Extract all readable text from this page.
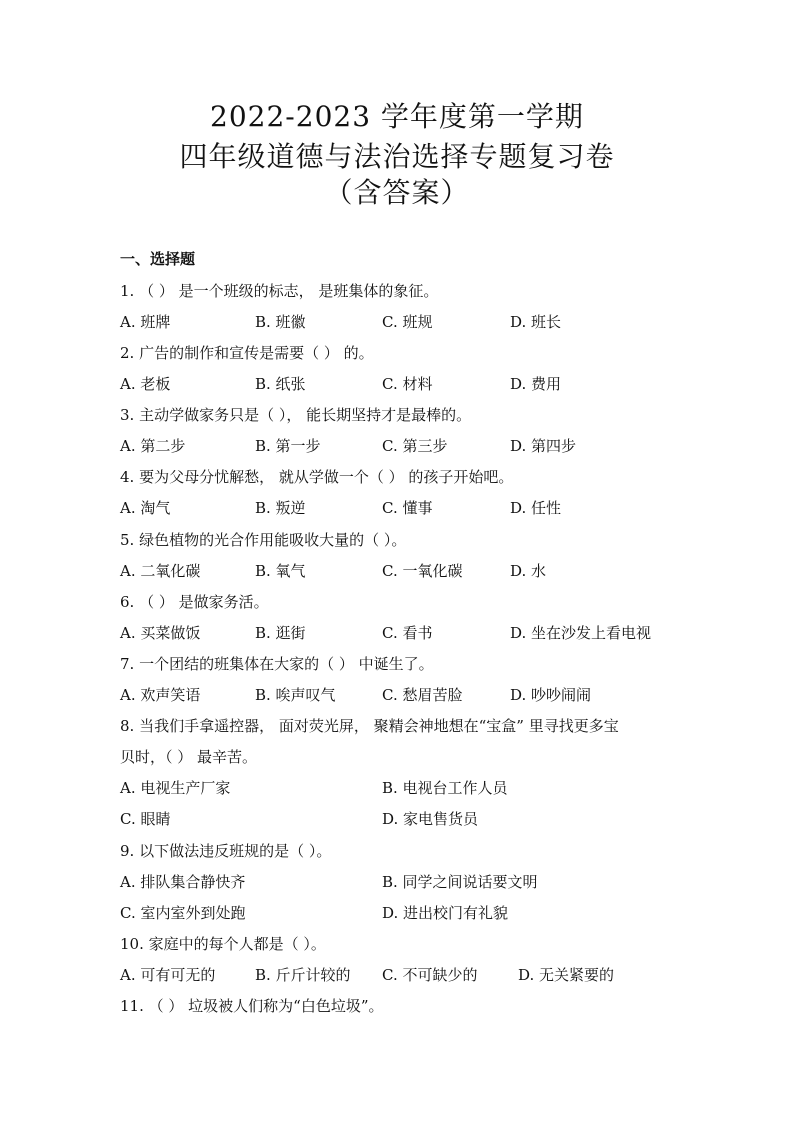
2022-2023 学年度第一学期
四年级道德与法治选择专题复习卷
（含答案）
一、选择题
1. （ ） 是一个班级的标志， 是班集体的象征。
A. 班牌	B. 班徽	C. 班规	D. 班长
2. 广告的制作和宣传是需要（ ） 的。
A. 老板	B. 纸张	C. 材料	D. 费用
3. 主动学做家务只是（ ）， 能长期坚持才是最棒的。
A. 第二步	B. 第一步	C. 第三步	D. 第四步
4. 要为父母分忧解愁， 就从学做一个（ ） 的孩子开始吧。
A. 淘气	B. 叛逆	C. 懂事	D. 任性
5. 绿色植物的光合作用能吸收大量的（ ）。
A. 二氧化碳	B. 氧气	C. 一氧化碳	D. 水
6. （ ） 是做家务活。
A. 买菜做饭	B. 逛街	C. 看书	D. 坐在沙发上看电视
7. 一个团结的班集体在大家的（ ） 中诞生了。
A. 欢声笑语	B. 唉声叹气	C. 愁眉苦脸	D. 吵吵闹闹
8. 当我们手拿遥控器， 面对荧光屏， 聚精会神地想在“宝盒” 里寻找更多宝
贝时，（ ） 最辛苦。
A. 电视生产厂家	B. 电视台工作人员
C. 眼睛	D. 家电售货员
9. 以下做法违反班规的是（ ）。
A. 排队集合静快齐	B. 同学之间说话要文明
C. 室内室外到处跑	D. 进出校门有礼貌
10. 家庭中的每个人都是（ ）。
A. 可有可无的	B. 斤斤计较的 C. 不可缺少的	D. 无关紧要的
11. （ ） 垃圾被人们称为“白色垃圾”。
